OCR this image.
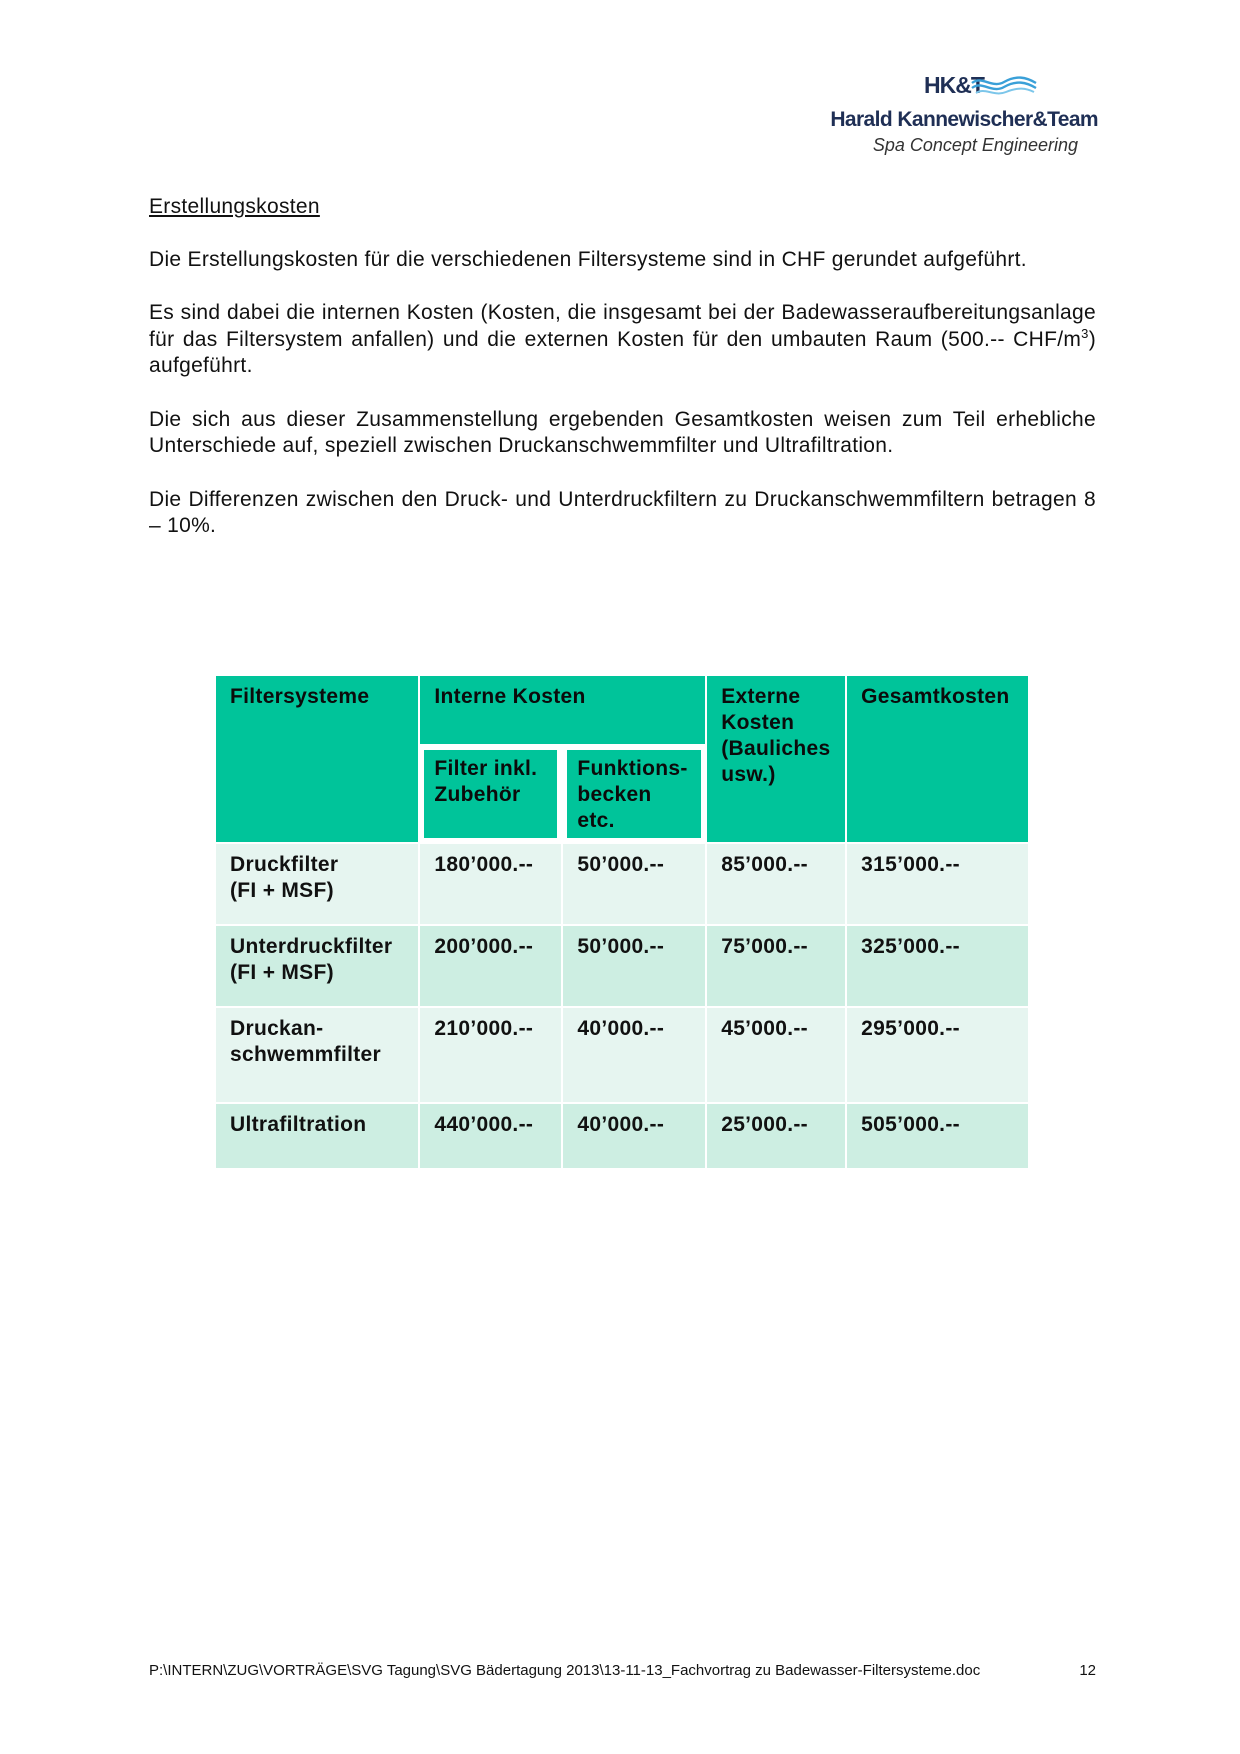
HK&T
Harald Kannewischer&Team
Spa Concept Engineering

Erstellungskosten

Die Erstellungskosten für die verschiedenen Filtersysteme sind in CHF gerundet aufgeführt.

Es sind dabei die internen Kosten (Kosten, die insgesamt bei der Badewasseraufbereitungsanlage für das Filtersystem anfallen) und die externen Kosten für den umbauten Raum (500.-- CHF/$m^3$) aufgeführt.

Die sich aus dieser Zusammenstellung ergebenden Gesamtkosten weisen zum Teil erhebliche Unterschiede auf, speziell zwischen Druckanschwemmfilter und Ultrafiltration.

Die Differenzen zwischen den Druck- und Unterdruckfiltern zu Druckanschwemmfiltern betragen 8 – 10%.

Filtersysteme	Interne Kosten		Externe Kosten (Bauliches usw.)	Gesamtkosten
	Filter inkl. Zubehör	Funktions-becken etc.		
Druckfilter
(FI + MSF)	180’000.--	50’000.--	85’000.--	315’000.--
Unterdruckfilter
(FI + MSF)	200’000.--	50’000.--	75’000.--	325’000.--
Druckan-
schwemmfilter	210’000.--	40’000.--	45’000.--	295’000.--
Ultrafiltration	440’000.--	40’000.--	25’000.--	505’000.--
P:\INTERN\ZUG\VORTRÄGE\SVG Tagung\SVG Bädertagung 2013\13-11-13_Fachvortrag zu Badewasser-Filtersysteme.doc	12
